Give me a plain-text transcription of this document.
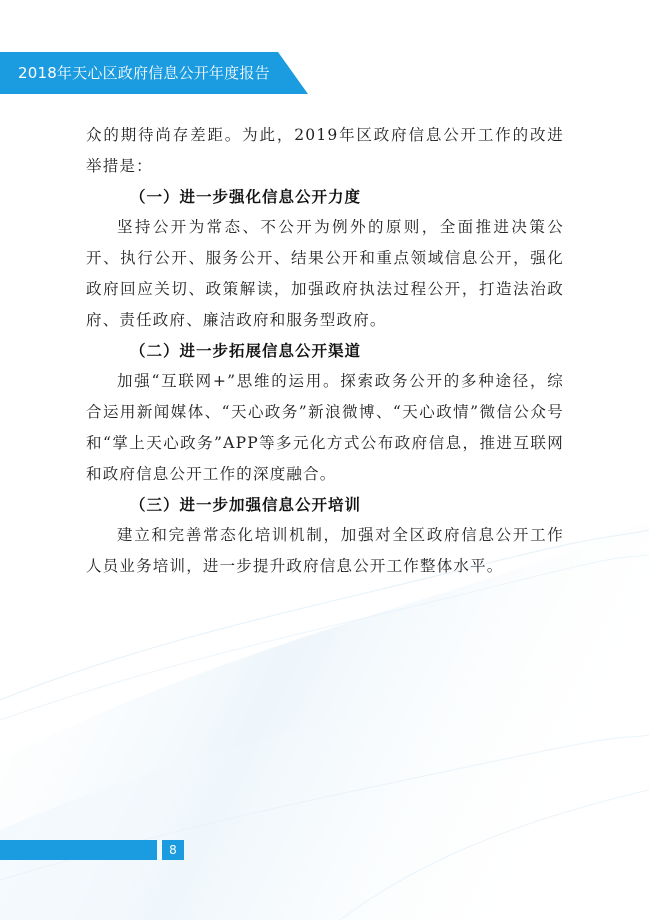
2018年天心区政府信息公开年度报告

众的期待尚存差距。为此，2019年区政府信息公开工作的改进举措是：

（一）进一步强化信息公开力度

坚持公开为常态、不公开为例外的原则，全面推进决策公开、执行公开、服务公开、结果公开和重点领域信息公开，强化政府回应关切、政策解读，加强政府执法过程公开，打造法治政府、责任政府、廉洁政府和服务型政府。

（二）进一步拓展信息公开渠道

加强“互联网+”思维的运用。探索政务公开的多种途径，综合运用新闻媒体、“天心政务”新浪微博、“天心政情”微信公众号和“掌上天心政务”APP等多元化方式公布政府信息，推进互联网和政府信息公开工作的深度融合。

（三）进一步加强信息公开培训

建立和完善常态化培训机制，加强对全区政府信息公开工作人员业务培训，进一步提升政府信息公开工作整体水平。

8
